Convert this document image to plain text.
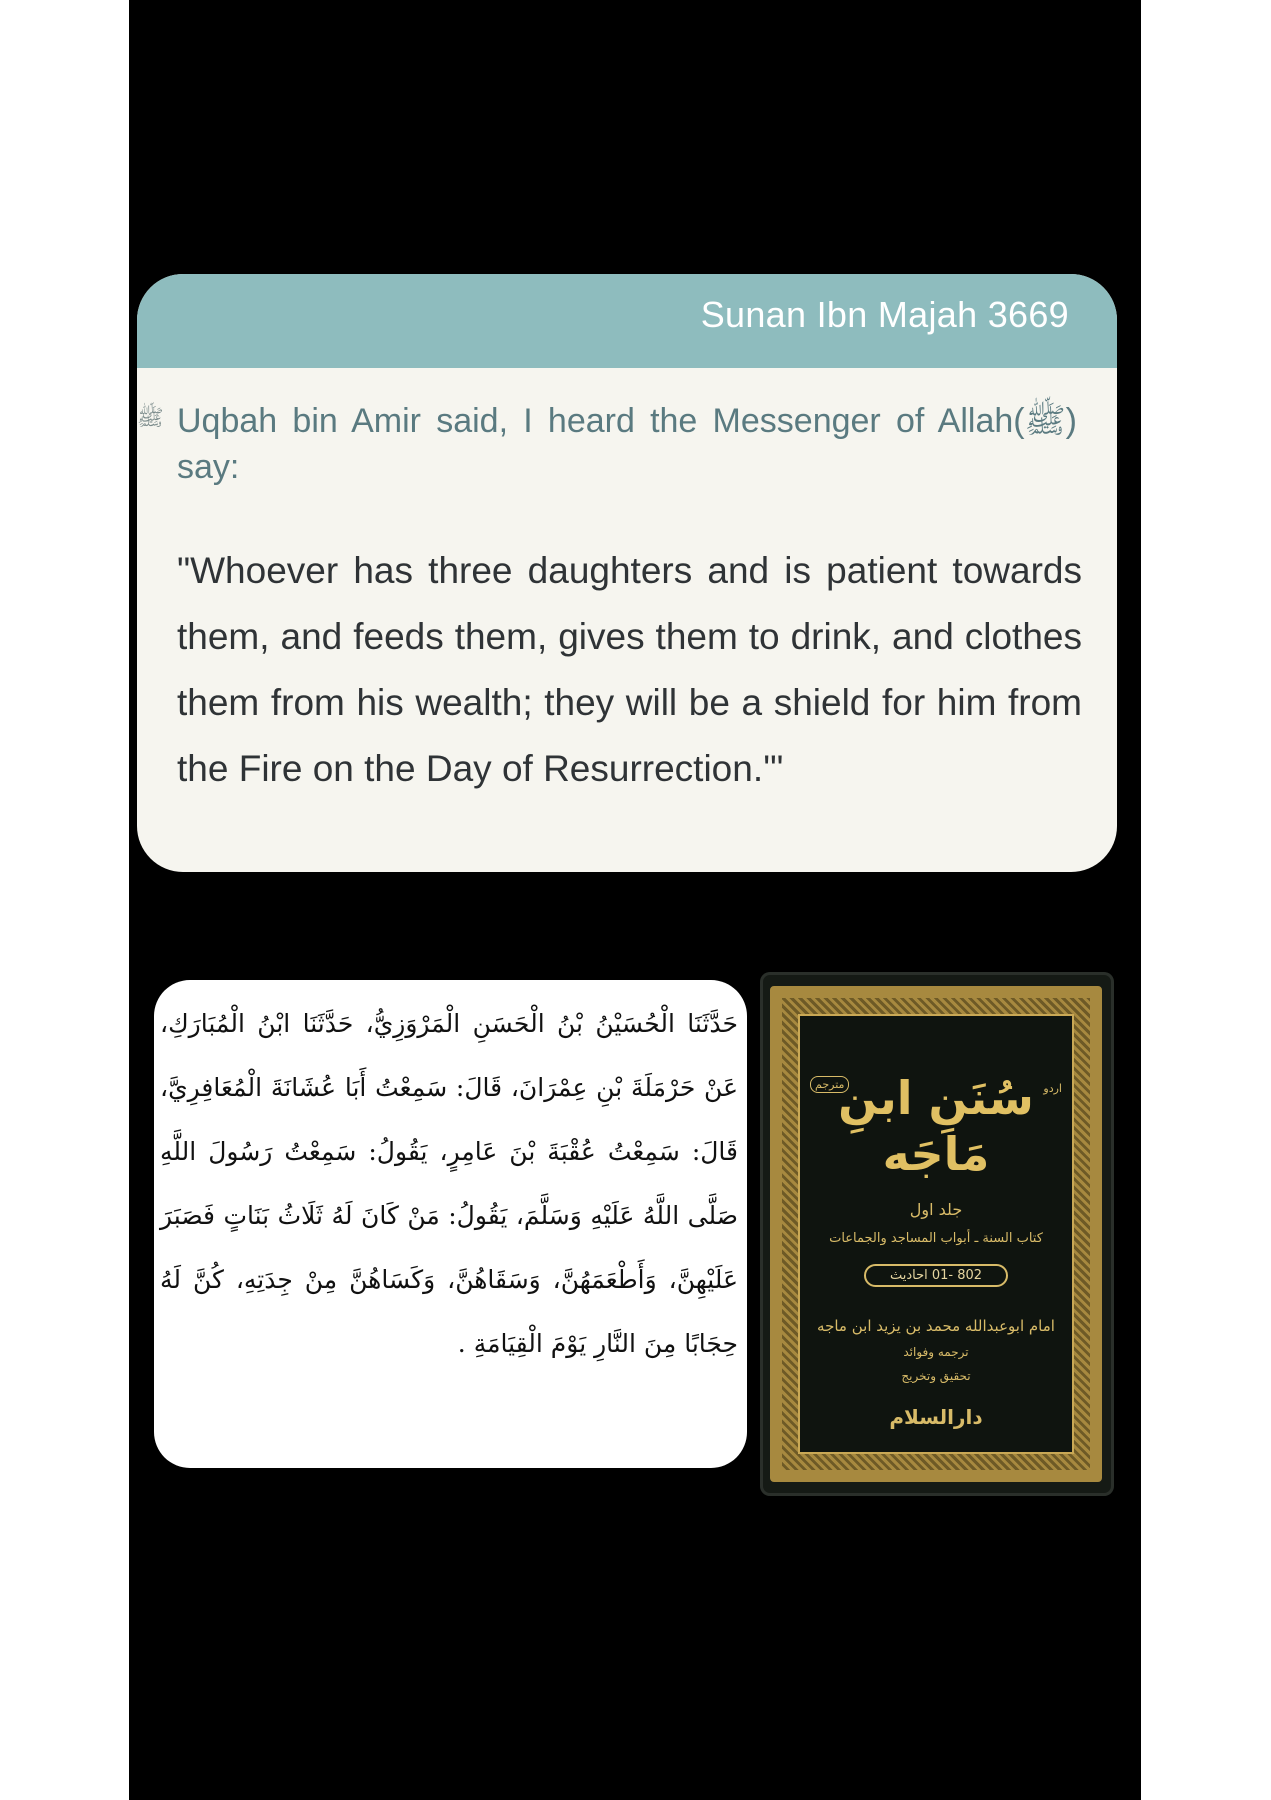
Sunan Ibn Majah 3669
ﷺ Uqbah bin Amir said, I heard the Messenger of Allah(ﷺ) say:
"Whoever has three daughters and is patient towards them, and feeds them, gives them to drink, and clothes them from his wealth; they will be a shield for him from the Fire on the Day of Resurrection.'"
حَدَّثَنَا الْحُسَيْنُ بْنُ الْحَسَنِ الْمَرْوَزِيُّ، حَدَّثَنَا ابْنُ الْمُبَارَكِ، عَنْ حَرْمَلَةَ بْنِ عِمْرَانَ، قَالَ: سَمِعْتُ أَبَا عُشَانَةَ الْمُعَافِرِيَّ، قَالَ: سَمِعْتُ عُقْبَةَ بْنَ عَامِرٍ، يَقُولُ: سَمِعْتُ رَسُولَ اللَّهِ صَلَّى اللَّهُ عَلَيْهِ وَسَلَّمَ، يَقُولُ: مَنْ كَانَ لَهُ ثَلَاثُ بَنَاتٍ فَصَبَرَ عَلَيْهِنَّ، وَأَطْعَمَهُنَّ، وَسَقَاهُنَّ، وَكَسَاهُنَّ مِنْ جِدَتِهِ، كُنَّ لَهُ حِجَابًا مِنَ النَّارِ يَوْمَ الْقِيَامَةِ .
مترجم	اردو
سُنَنِ ابنِ مَاجَه
جلد اول
كتاب السنة ـ أبواب المساجد والجماعات
802 -01 احاديث
امام ابوعبدالله محمد بن يزيد ابن ماجه
ترجمه وفوائد
تحقیق وتخریج
دارالسلام
